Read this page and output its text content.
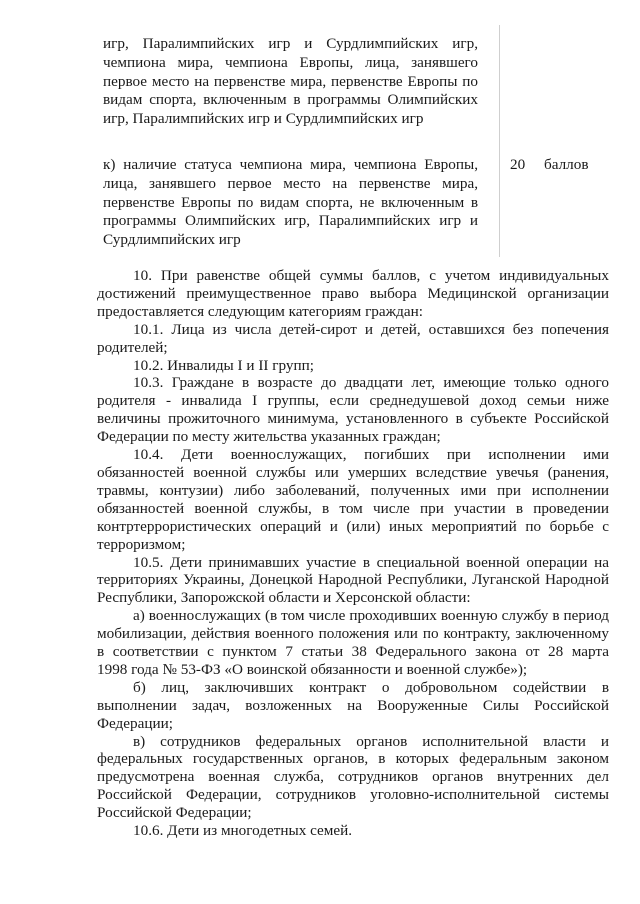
игр, Паралимпийских игр и Сурдлимпийских игр,
чемпиона мира, чемпиона Европы, лица, занявшего
первое место на первенстве мира, первенстве Европы по
видам спорта, включенным в программы Олимпийских
игр, Паралимпийских игр и Сурдлимпийских игр
к) наличие статуса чемпиона мира, чемпиона Европы,
лица, занявшего первое место на первенстве мира,
первенстве Европы по видам спорта, не включенным в
программы Олимпийских игр, Паралимпийских игр и
Сурдлимпийских игр
20 баллов
10. При равенстве общей суммы баллов, с учетом индивидуальных
достижений преимущественное право выбора Медицинской организации
предоставляется следующим категориям граждан:
10.1. Лица из числа детей-сирот и детей, оставшихся без попечения
родителей;
10.2. Инвалиды I и II групп;
10.3. Граждане в возрасте до двадцати лет, имеющие только одного
родителя - инвалида I группы, если среднедушевой доход семьи ниже
величины прожиточного минимума, установленного в субъекте Российской
Федерации по месту жительства указанных граждан;
10.4. Дети военнослужащих, погибших при исполнении ими
обязанностей военной службы или умерших вследствие увечья (ранения,
травмы, контузии) либо заболеваний, полученных ими при исполнении
обязанностей военной службы, в том числе при участии в проведении
контртеррористических операций и (или) иных мероприятий по борьбе с
терроризмом;
10.5. Дети принимавших участие в специальной военной операции на
территориях Украины, Донецкой Народной Республики, Луганской Народной
Республики, Запорожской области и Херсонской области:
а) военнослужащих (в том числе проходивших военную службу в период
мобилизации, действия военного положения или по контракту, заключенному
в соответствии с пунктом 7 статьи 38 Федерального закона от 28 марта
1998 года № 53-ФЗ «О воинской обязанности и военной службе»);
б) лиц, заключивших контракт о добровольном содействии в
выполнении задач, возложенных на Вооруженные Силы Российской
Федерации;
в) сотрудников федеральных органов исполнительной власти и
федеральных государственных органов, в которых федеральным законом
предусмотрена военная служба, сотрудников органов внутренних дел
Российской Федерации, сотрудников уголовно-исполнительной системы
Российской Федерации;
10.6. Дети из многодетных семей.
